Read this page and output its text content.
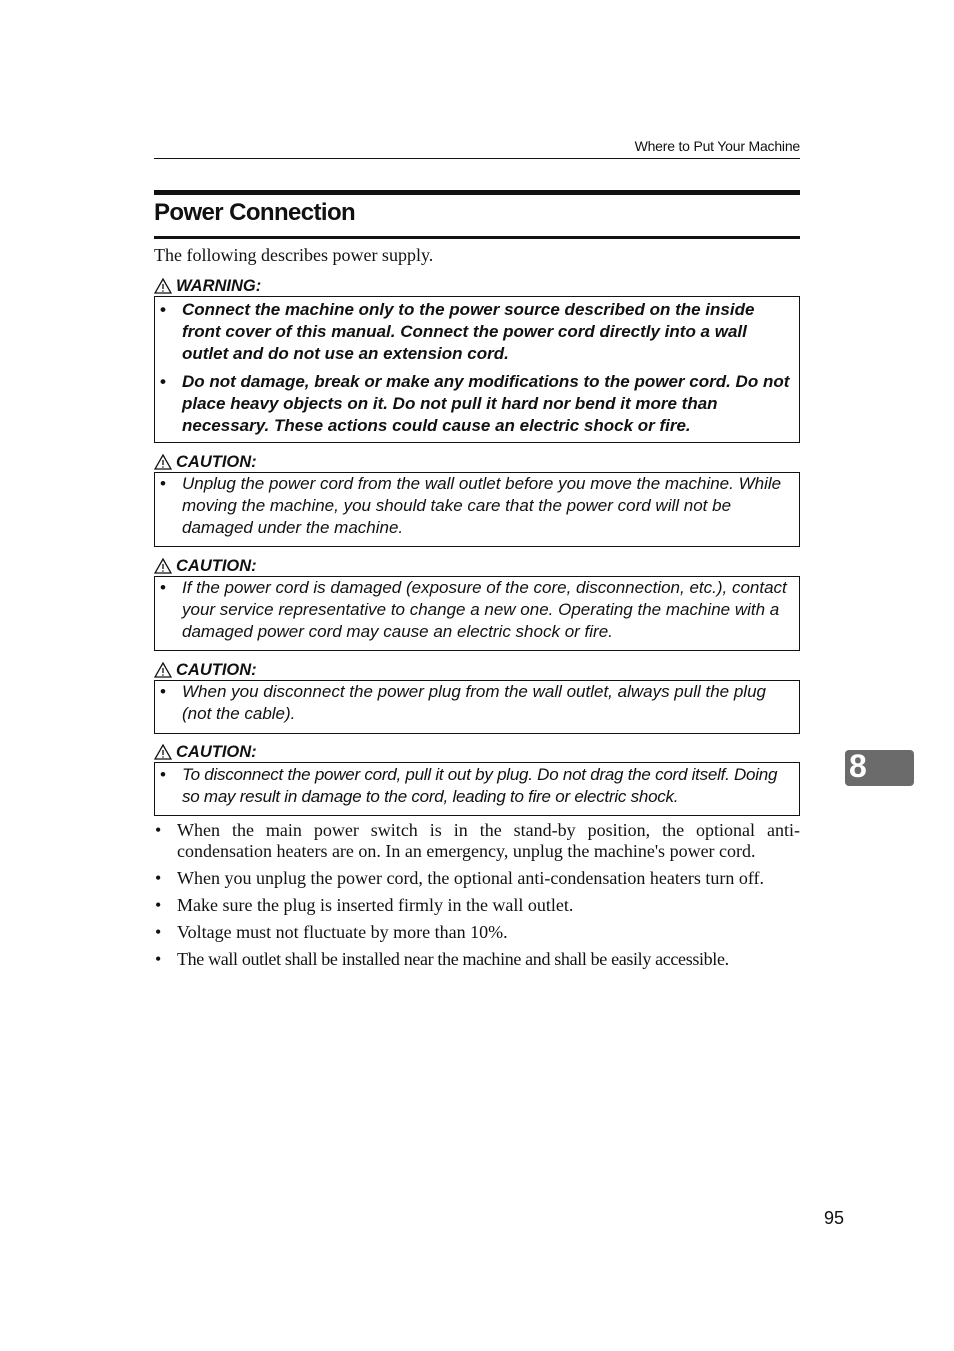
Where to Put Your Machine
Power Connection
The following describes power supply.
WARNING:
• Connect the machine only to the power source described on the inside front cover of this manual. Connect the power cord directly into a wall outlet and do not use an extension cord.
• Do not damage, break or make any modifications to the power cord. Do not place heavy objects on it. Do not pull it hard nor bend it more than necessary. These actions could cause an electric shock or fire.
CAUTION:
• Unplug the power cord from the wall outlet before you move the machine. While moving the machine, you should take care that the power cord will not be damaged under the machine.
CAUTION:
• If the power cord is damaged (exposure of the core, disconnection, etc.), contact your service representative to change a new one. Operating the machine with a damaged power cord may cause an electric shock or fire.
CAUTION:
• When you disconnect the power plug from the wall outlet, always pull the plug (not the cable).
CAUTION:
• To disconnect the power cord, pull it out by plug. Do not drag the cord itself. Doing so may result in damage to the cord, leading to fire or electric shock.
• When the main power switch is in the stand-by position, the optional anti-condensation heaters are on. In an emergency, unplug the machine's power cord.
• When you unplug the power cord, the optional anti-condensation heaters turn off.
• Make sure the plug is inserted firmly in the wall outlet.
• Voltage must not fluctuate by more than 10%.
• The wall outlet shall be installed near the machine and shall be easily accessible.
8
95
